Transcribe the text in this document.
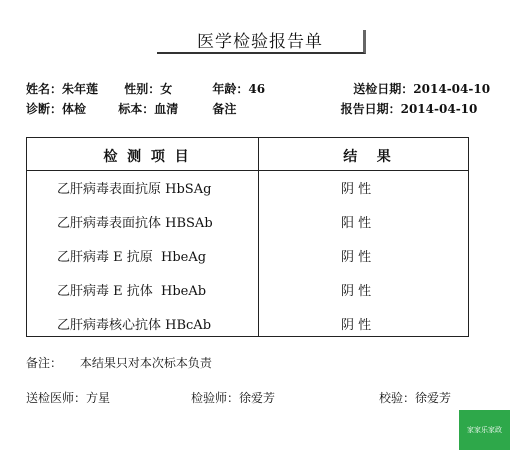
医学检验报告单
姓名：朱年莲 性别：女	年龄：46	送检日期：2014-04-10
诊断：体检	标本：血清	备注	报告日期：2014-04-10
检  测  项  目	结    果
乙肝病毒表面抗原 HbSAg	阴 性
乙肝病毒表面抗体 HBSAb	阳 性
乙肝病毒 E 抗原  HbeAg	阴 性
乙肝病毒 E 抗体  HbeAb	阴 性
乙肝病毒核心抗体 HBcAb	阴 性
备注： 本结果只对本次标本负责
送检医师：方星	检验师：徐爱芳	校验：徐爱芳
家家乐家政
